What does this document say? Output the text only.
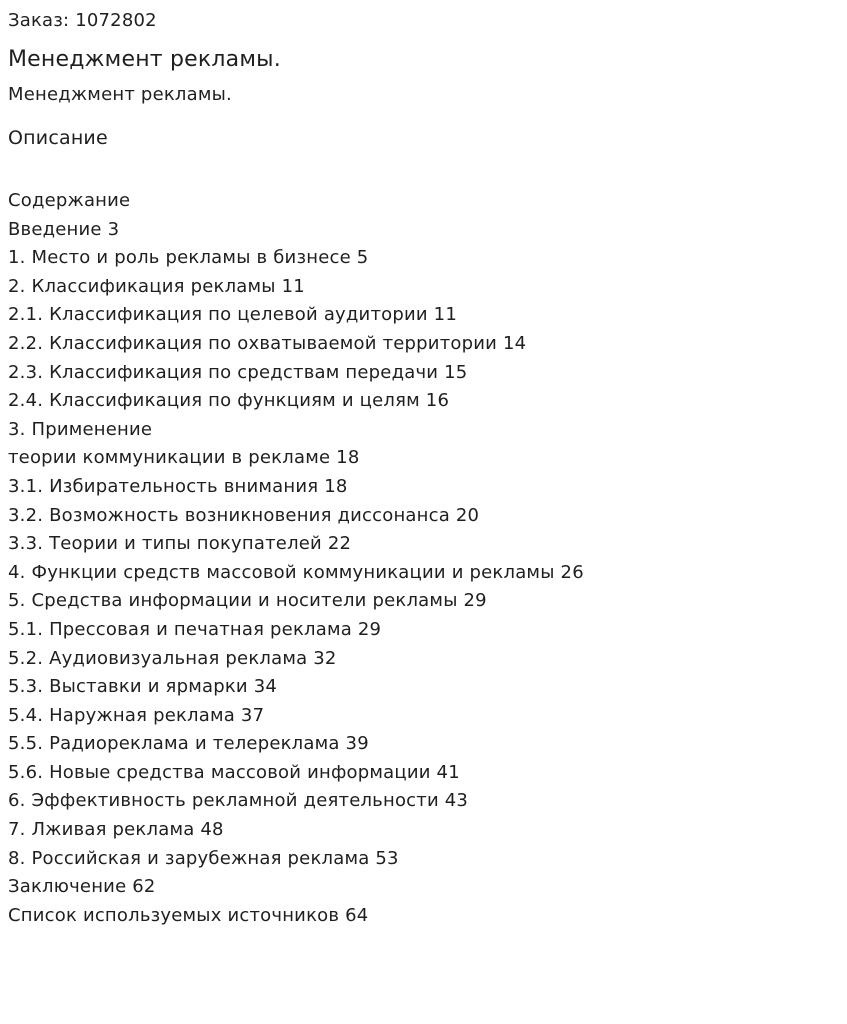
Заказ: 1072802

Менеджмент рекламы.

Менеджмент рекламы.

Описание

Содержание

Введение 3

1. Место и роль рекламы в бизнесе 5

2. Классификация рекламы 11

2.1. Классификация по целевой аудитории 11

2.2. Классификация по охватываемой территории 14

2.3. Классификация по средствам передачи 15

2.4. Классификация по функциям и целям 16

3. Применение

теории коммуникации в рекламе 18

3.1. Избирательность внимания 18

3.2. Возможность возникновения диссонанса 20

3.3. Теории и типы покупателей 22

4. Функции средств массовой коммуникации и рекламы 26

5. Средства информации и носители рекламы 29

5.1. Прессовая и печатная реклама 29

5.2. Аудиовизуальная реклама 32

5.3. Выставки и ярмарки 34

5.4. Наружная реклама 37

5.5. Радиореклама и телереклама 39

5.6. Новые средства массовой информации 41

6. Эффективность рекламной деятельности 43

7. Лживая реклама 48

8. Российская и зарубежная реклама 53

Заключение 62

Список используемых источников 64
